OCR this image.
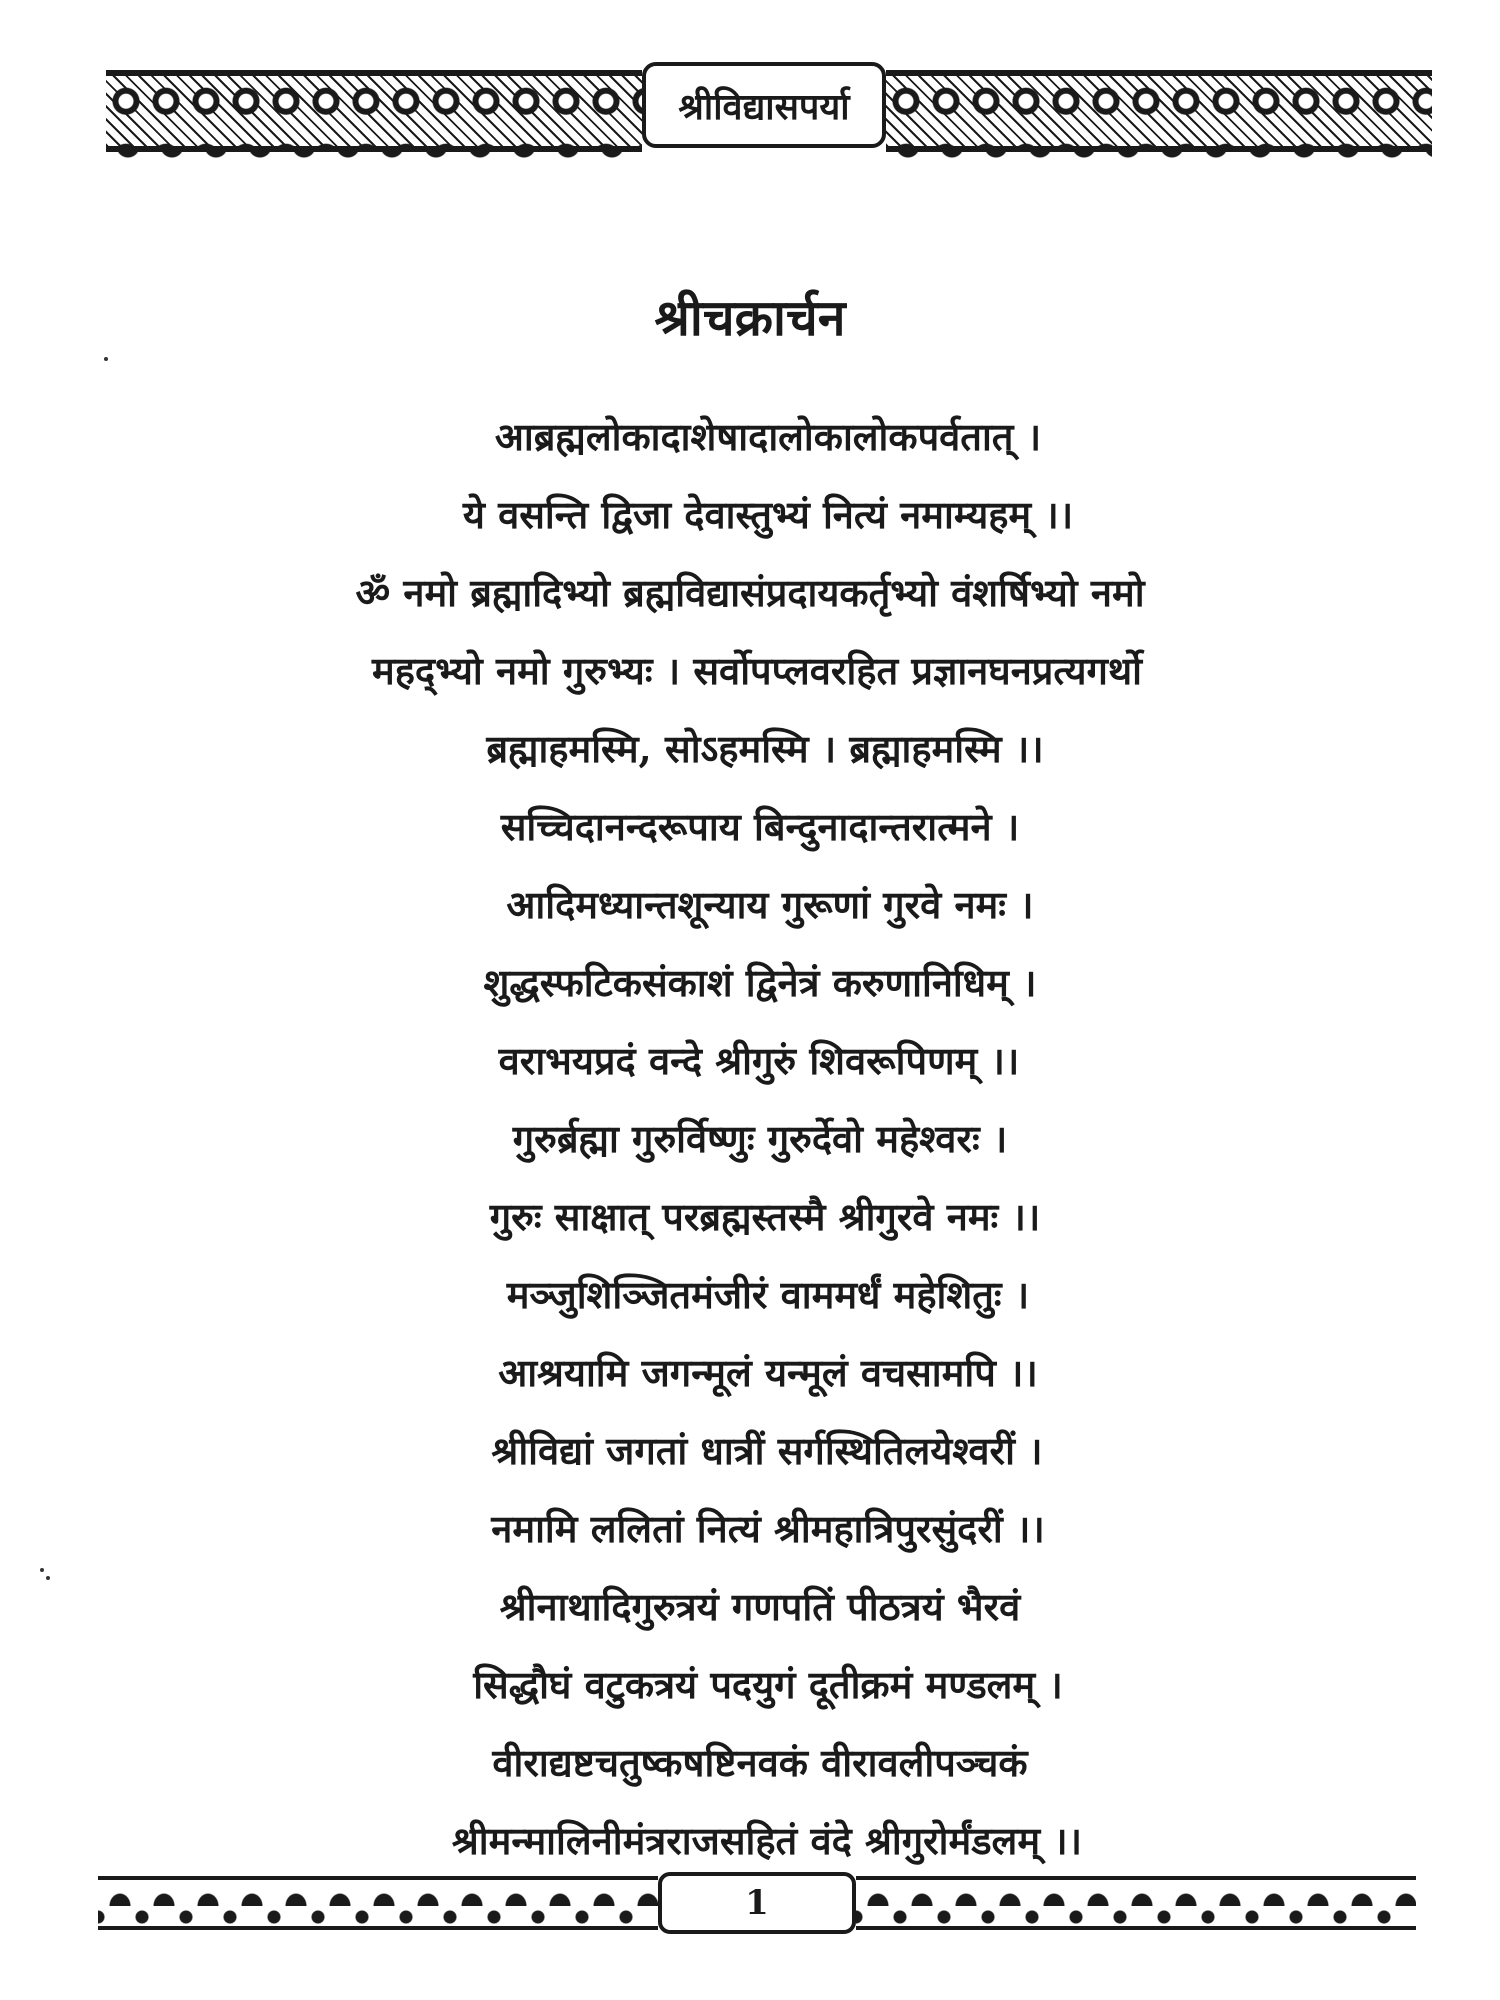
श्रीविद्यासपर्या
श्रीचक्रार्चन
आब्रह्मलोकादाशेषादालोकालोकपर्वतात् ।
ये वसन्ति द्विजा देवास्तुभ्यं नित्यं नमाम्यहम् ।।
ॐ नमो ब्रह्मादिभ्यो ब्रह्मविद्यासंप्रदायकर्तृभ्यो वंशर्षिभ्यो नमो
महद्भ्यो नमो गुरुभ्यः । सर्वोपप्लवरहित प्रज्ञानघनप्रत्यगर्थो
ब्रह्माहमस्मि, सोऽहमस्मि । ब्रह्माहमस्मि ।।
सच्चिदानन्दरूपाय बिन्दुनादान्तरात्मने ।
आदिमध्यान्तशून्याय गुरूणां गुरवे नमः ।
शुद्धस्फटिकसंकाशं द्विनेत्रं करुणानिधिम् ।
वराभयप्रदं वन्दे श्रीगुरुं शिवरूपिणम् ।।
गुरुर्ब्रह्मा गुरुर्विष्णुः गुरुर्देवो महेश्वरः ।
गुरुः साक्षात् परब्रह्मस्तस्मै श्रीगुरवे नमः ।।
मञ्जुशिञ्जितमंजीरं वाममर्धं महेशितुः ।
आश्रयामि जगन्मूलं यन्मूलं वचसामपि ।।
श्रीविद्यां जगतां धात्रीं सर्गस्थितिलयेश्वरीं ।
नमामि ललितां नित्यं श्रीमहात्रिपुरसुंदरीं ।।
श्रीनाथादिगुरुत्रयं गणपतिं पीठत्रयं भैरवं
सिद्धौघं वटुकत्रयं पदयुगं दूतीक्रमं मण्डलम् ।
वीराद्यष्टचतुष्कषष्टिनवकं वीरावलीपञ्चकं
श्रीमन्मालिनीमंत्रराजसहितं वंदे श्रीगुरोर्मंडलम् ।।
1
